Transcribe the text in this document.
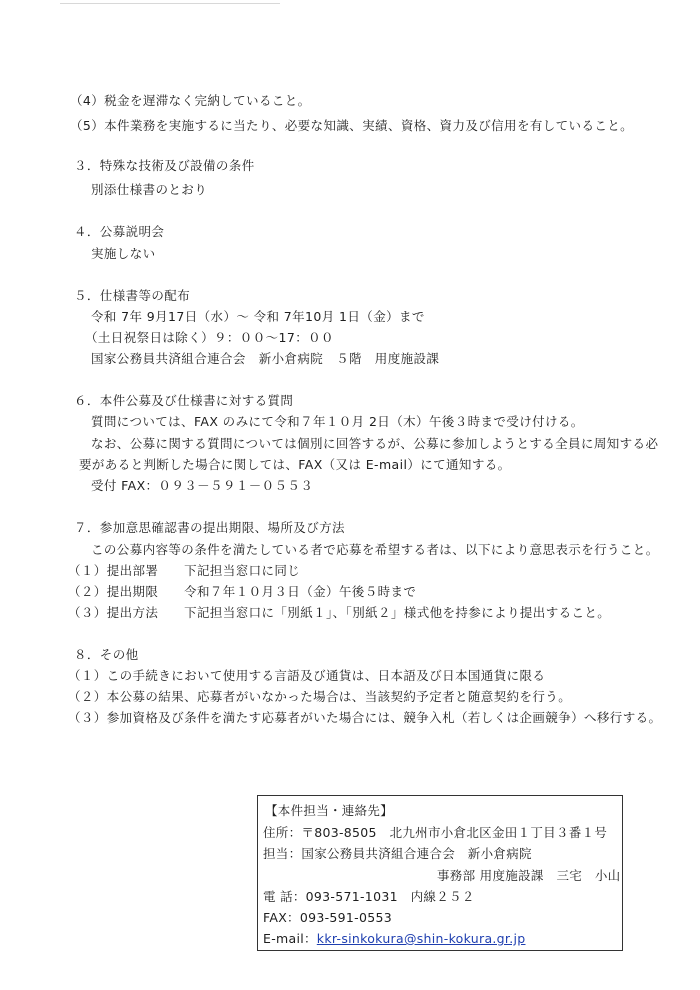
（4）税金を遅滞なく完納していること。
（5）本件業務を実施するに当たり、必要な知識、実績、資格、資力及び信用を有していること。
３．特殊な技術及び設備の条件
別添仕様書のとおり
４．公募説明会
実施しない
５．仕様書等の配布
令和 7年 9月17日（水）～ 令和 7年10月 1日（金）まで
（土日祝祭日は除く）９：００～17：００
国家公務員共済組合連合会　新小倉病院　５階　用度施設課
６．本件公募及び仕様書に対する質問
質問については、FAX のみにて令和７年１０月 2日（木）午後３時まで受け付ける。
なお、公募に関する質問については個別に回答するが、公募に参加しようとする全員に周知する必
要があると判断した場合に関しては、FAX（又は E-mail）にて通知する。
受付 FAX：０９３－５９１－０５５３
７．参加意思確認書の提出期限、場所及び方法
この公募内容等の条件を満たしている者で応募を希望する者は、以下により意思表示を行うこと。
（１）提出部署　　下記担当窓口に同じ
（２）提出期限　　令和７年１０月３日（金）午後５時まで
（３）提出方法　　下記担当窓口に「別紙１」、「別紙２」様式他を持参により提出すること。
８．その他
（１）この手続きにおいて使用する言語及び通貨は、日本語及び日本国通貨に限る
（２）本公募の結果、応募者がいなかった場合は、当該契約予定者と随意契約を行う。
（３）参加資格及び条件を満たす応募者がいた場合には、競争入札（若しくは企画競争）へ移行する。
【本件担当・連絡先】
住所：〒803-8505　北九州市小倉北区金田１丁目３番１号
担当：国家公務員共済組合連合会　新小倉病院
事務部 用度施設課　三宅　小山
電 話：093-571-1031　内線２５２
FAX：093-591-0553
E-mail：kkr-sinkokura@shin-kokura.gr.jp
